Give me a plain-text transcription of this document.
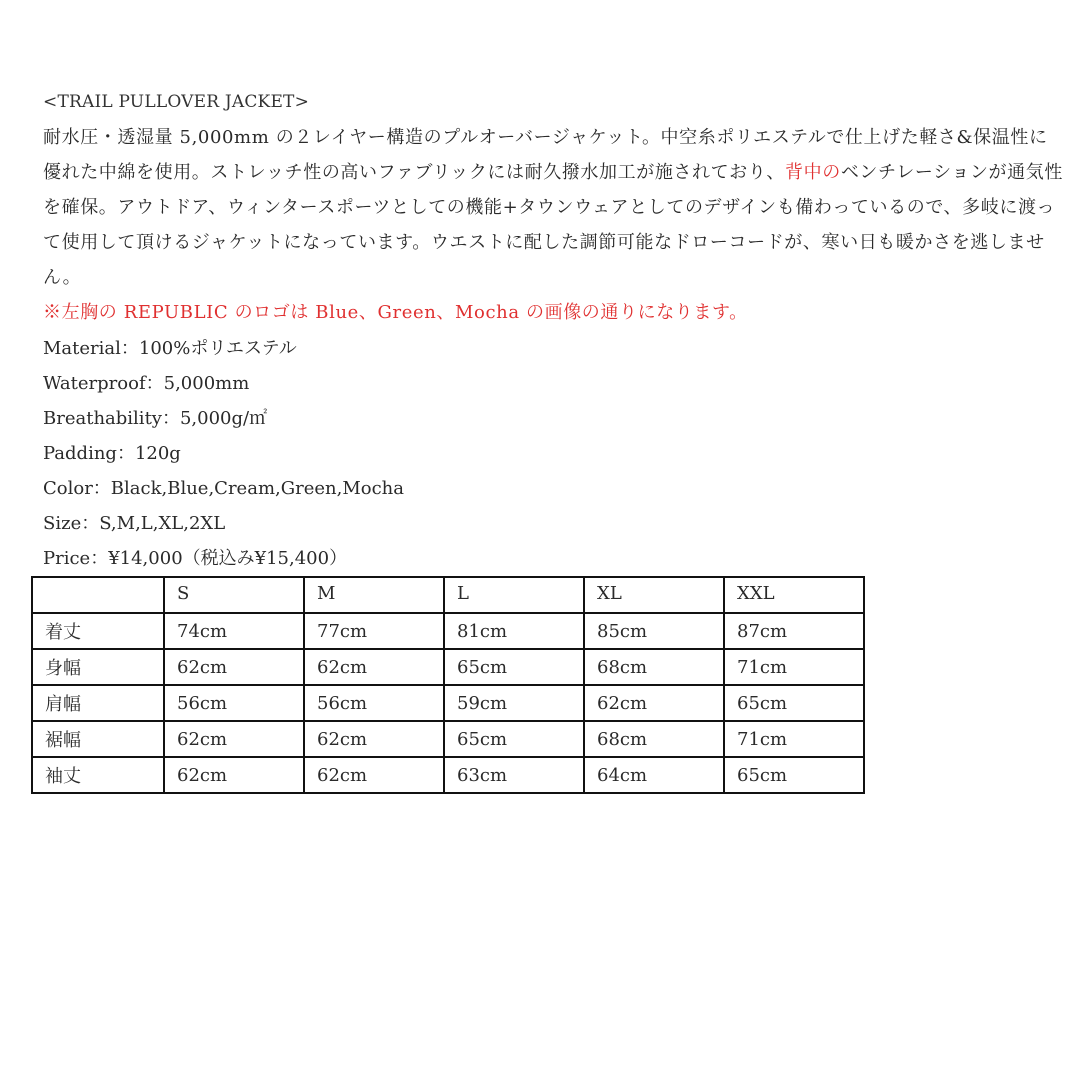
<TRAIL PULLOVER JACKET>

耐水圧・透湿量 5,000mm の２レイヤー構造のプルオーバージャケット。中空糸ポリエステルで仕上げた軽さ&保温性に優れた中綿を使用。ストレッチ性の高いファブリックには耐久撥水加工が施されており、背中のベンチレーションが通気性を確保。アウトドア、ウィンタースポーツとしての機能+タウンウェアとしてのデザインも備わっているので、多岐に渡って使用して頂けるジャケットになっています。ウエストに配した調節可能なドローコードが、寒い日も暖かさを逃しません。

※左胸の REPUBLIC のロゴは Blue、Green、Mocha の画像の通りになります。

Material：100%ポリエステル
Waterproof：5,000mm
Breathability：5,000g/㎡
Padding：120g
Color：Black,Blue,Cream,Green,Mocha
Size：S,M,L,XL,2XL
Price：¥14,000（税込み¥15,400）
	S	M	L	XL	XXL
着丈	74cm	77cm	81cm	85cm	87cm
身幅	62cm	62cm	65cm	68cm	71cm
肩幅	56cm	56cm	59cm	62cm	65cm
裾幅	62cm	62cm	65cm	68cm	71cm
袖丈	62cm	62cm	63cm	64cm	65cm
